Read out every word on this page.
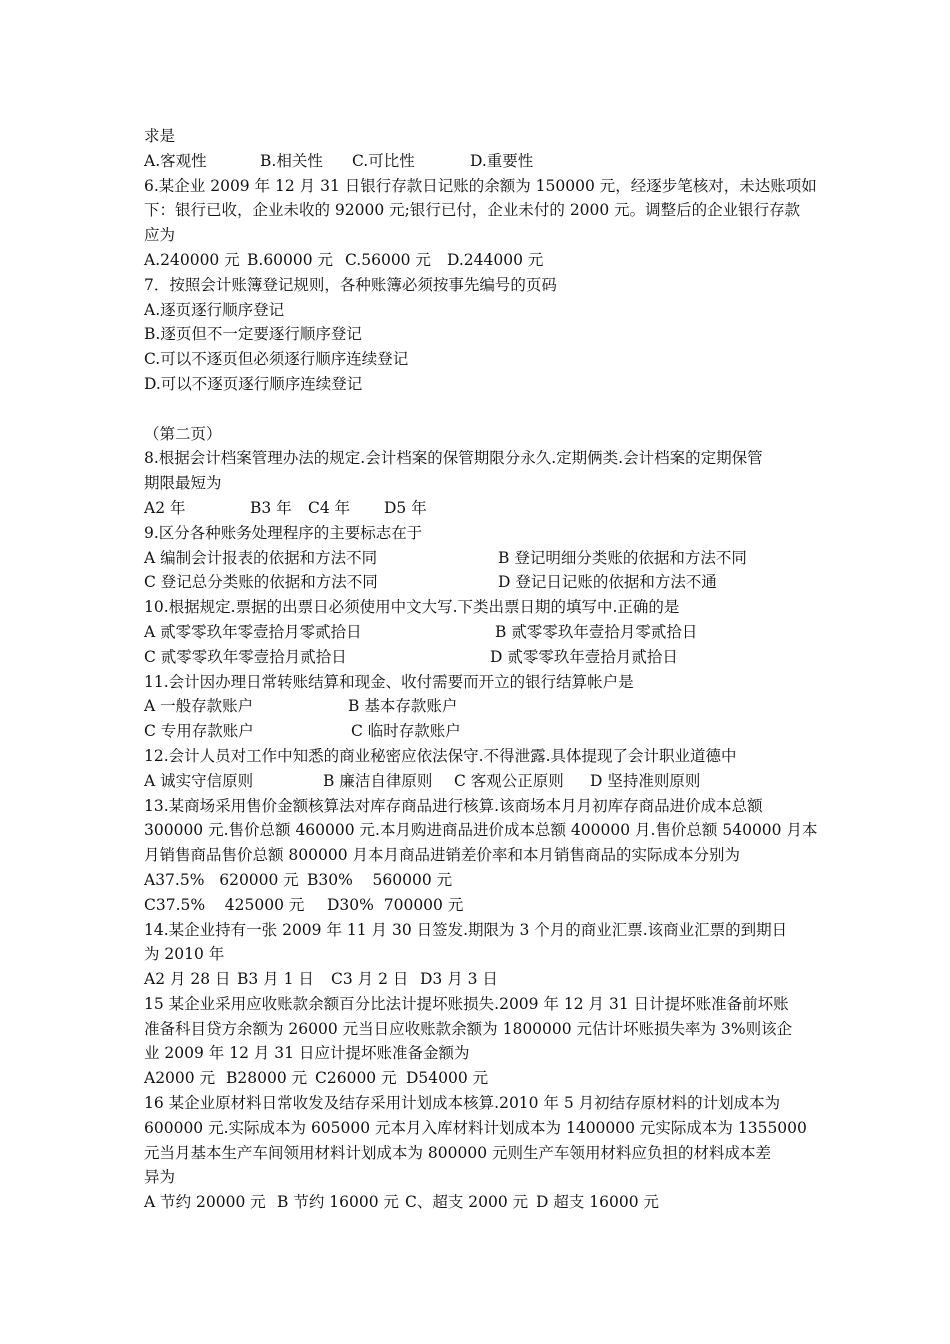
求是
A.客观性	B.相关性	C.可比性	D.重要性
6.某企业 2009 年 12 月 31 日银行存款日记账的余额为 150000 元，经逐步笔核对，未达账项如
下：银行已收，企业未收的 92000 元;银行已付，企业未付的 2000 元。调整后的企业银行存款
应为
A.240000 元 B.60000 元 C.56000 元	D.244000 元
7．按照会计账簿登记规则，各种账簿必须按事先编号的页码
A.逐页逐行顺序登记
B.逐页但不一定要逐行顺序登记
C.可以不逐页但必须逐行顺序连续登记
D.可以不逐页逐行顺序连续登记
（第二页）
8.根据会计档案管理办法的规定.会计档案的保管期限分永久.定期俩类.会计档案的定期保管
期限最短为
A2 年	B3 年	C4 年	D5 年
9.区分各种账务处理程序的主要标志在于
A 编制会计报表的依据和方法不同	B 登记明细分类账的依据和方法不同
C 登记总分类账的依据和方法不同	D 登记日记账的依据和方法不通
10.根据规定.票据的出票日必须使用中文大写.下类出票日期的填写中.正确的是
A 贰零零玖年零壹拾月零贰拾日	B 贰零零玖年壹拾月零贰拾日
C 贰零零玖年零壹拾月贰拾日	D 贰零零玖年壹拾月贰拾日
11.会计因办理日常转账结算和现金、收付需要而开立的银行结算帐户是
A 一般存款账户	B 基本存款账户
C 专用存款账户	C 临时存款账户
12.会计人员对工作中知悉的商业秘密应依法保守.不得泄露.具体提现了会计职业道德中
A 诚实守信原则	B 廉洁自律原则	C 客观公正原则	D 坚持准则原则
13.某商场采用售价金额核算法对库存商品进行核算.该商场本月月初库存商品进价成本总额
300000 元.售价总额 460000 元.本月购进商品进价成本总额 400000 月.售价总额 540000 月本
月销售商品售价总额 800000 月本月商品进销差价率和本月销售商品的实际成本分别为
A37.5%   620000 元 B30%    560000 元
C37.5%    425000 元	D30%  700000 元
14.某企业持有一张 2009 年 11 月 30 日签发.期限为 3 个月的商业汇票.该商业汇票的到期日
为 2010 年
A2 月 28 日 B3 月 1 日	C3 月 2 日 D3 月 3 日
15 某企业采用应收账款余额百分比法计提坏账损失.2009 年 12 月 31 日计提坏账准备前坏账
准备科目贷方余额为 26000 元当日应收账款余额为 1800000 元估计坏账损失率为 3%则该企
业 2009 年 12 月 31 日应计提坏账准备金额为
A2000 元 B28000 元 C26000 元 D54000 元
16 某企业原材料日常收发及结存采用计划成本核算.2010 年 5 月初结存原材料的计划成本为
600000 元.实际成本为 605000 元本月入库材料计划成本为 1400000 元实际成本为 1355000
元当月基本生产车间领用材料计划成本为 800000 元则生产车领用材料应负担的材料成本差
异为
A 节约 20000 元 B 节约 16000 元 C、超支 2000 元 D 超支 16000 元
